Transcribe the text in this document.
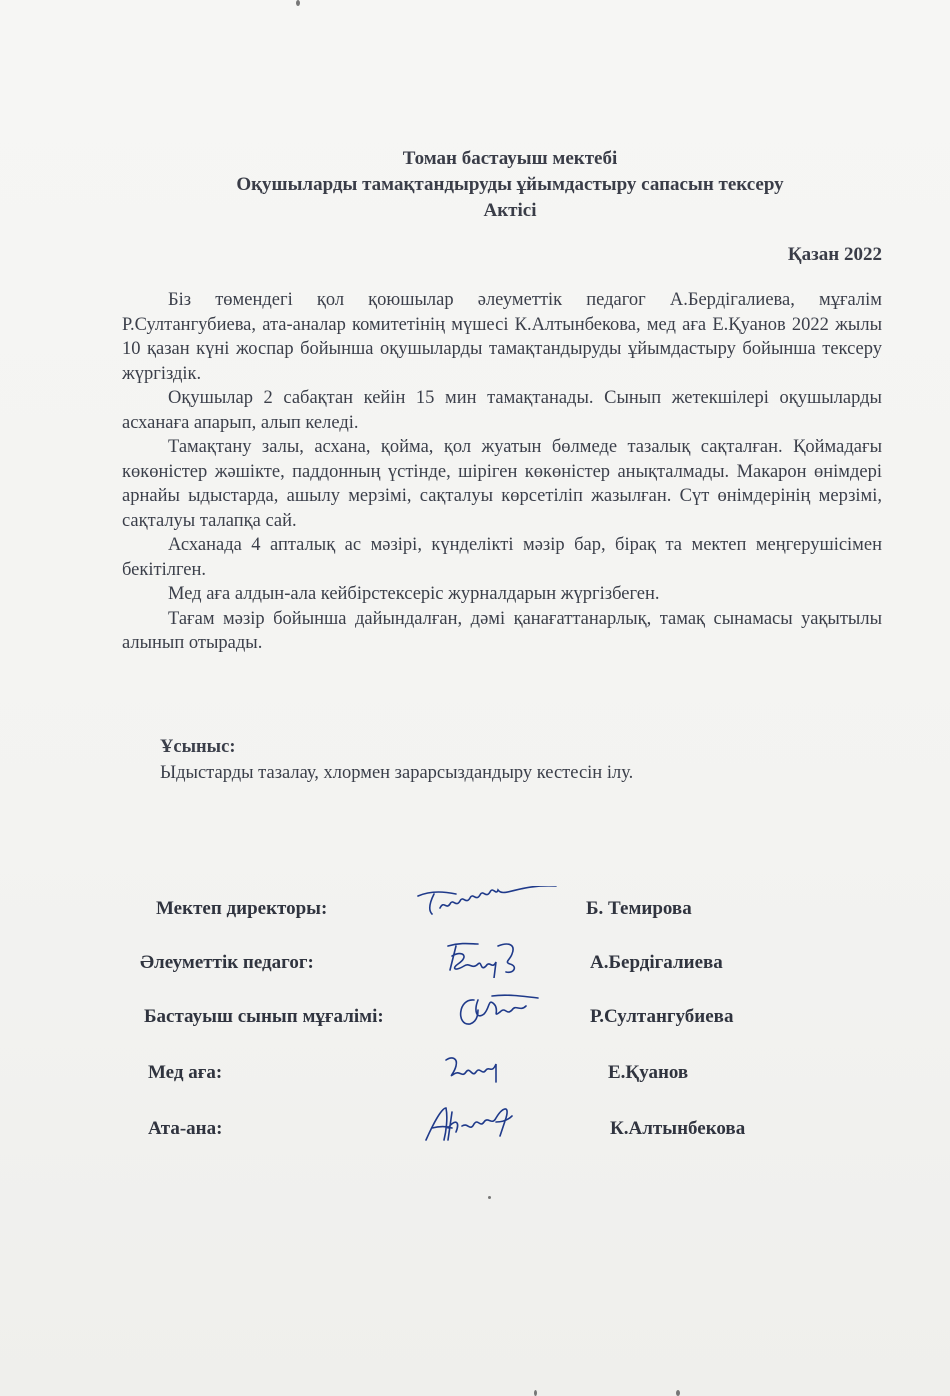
Томан бастауыш мектебі
Оқушыларды тамақтандыруды ұйымдастыру сапасын тексеру
Актісі
Қазан 2022

Біз төмендегі қол қоюшылар әлеуметтік педагог А.Бердігалиева, мұғалім Р.Султангубиева, ата-аналар комитетінің мүшесі К.Алтынбекова, мед аға Е.Қуанов 2022 жылы 10 қазан күні жоспар бойынша оқушыларды тамақтандыруды ұйымдастыру бойынша тексеру жүргіздік.

Оқушылар 2 сабақтан кейін 15 мин тамақтанады. Сынып жетекшілері оқушыларды асханаға апарып, алып келеді.

Тамақтану залы, асхана, қойма, қол жуатын бөлмеде тазалық сақталған. Қоймадағы көкөністер жәшікте, паддонның үстінде, шіріген көкөністер анықталмады. Макарон өнімдері арнайы ыдыстарда, ашылу мерзімі, сақталуы көрсетіліп жазылған. Сүт өнімдерінің мерзімі, сақталуы талапқа сай.

Асханада 4 апталық ас мәзірі, күнделікті мәзір бар, бірақ та мектеп меңгерушісімен бекітілген.

Мед аға алдын-ала кейбірстексеріс журналдарын жүргізбеген.

Тағам мәзір бойынша дайындалған, дәмі қанағаттанарлық, тамақ сынамасы уақытылы алынып отырады.

Ұсыныс:
Ыдыстарды тазалау, хлормен зарарсыздандыру кестесін ілу.
Мектеп директоры:	Б. Темирова
Әлеуметтік педагог:	А.Бердігалиева
Бастауыш сынып мұғалімі:	Р.Султангубиева
Мед аға:	Е.Қуанов
Ата-ана:	К.Алтынбекова
